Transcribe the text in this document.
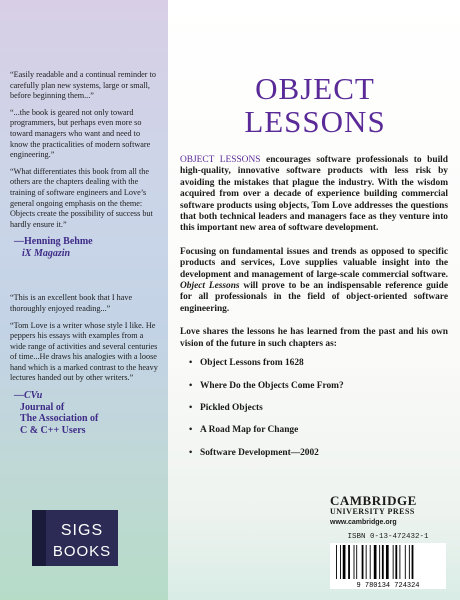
“Easily readable and a continual reminder to carefully plan new systems, large or small, before beginning them...”

“...the book is geared not only toward programmers, but perhaps even more so toward managers who want and need to know the practicalities of modern software engineering.”

“What differentiates this book from all the others are the chapters dealing with the training of software engineers and Love’s general ongoing emphasis on the theme: Objects create the possibility of success but hardly ensure it.”

—Henning Behme
iX Magazin

“This is an excellent book that I have thoroughly enjoyed reading...”

“Tom Love is a writer whose style I like. He peppers his essays with examples from a wide range of activities and several centuries of time...He draws his analogies with a loose hand which is a marked contrast to the heavy lectures handed out by other writers.”

—CVu
Journal of
The Association of
C & C++ Users
SIGS
BOOKS
OBJECT
LESSONS

OBJECT LESSONS encourages software professionals to build high-quality, innovative software products with less risk by avoiding the mistakes that plague the industry. With the wisdom acquired from over a decade of experience building commercial software products using objects, Tom Love addresses the questions that both technical leaders and managers face as they venture into this important new area of software development.

Focusing on fundamental issues and trends as opposed to specific products and services, Love supplies valuable insight into the development and management of large-scale commercial software. Object Lessons will prove to be an indispensable reference guide for all professionals in the field of object-oriented software engineering.

Love shares the lessons he has learned from the past and his own vision of the future in such chapters as:

• Object Lessons from 1628
• Where Do the Objects Come From?
• Pickled Objects
• A Road Map for Change
• Software Development—2002
CAMBRIDGE
UNIVERSITY PRESS
www.cambridge.org
ISBN 0-13-472432-1
9 780134 724324
